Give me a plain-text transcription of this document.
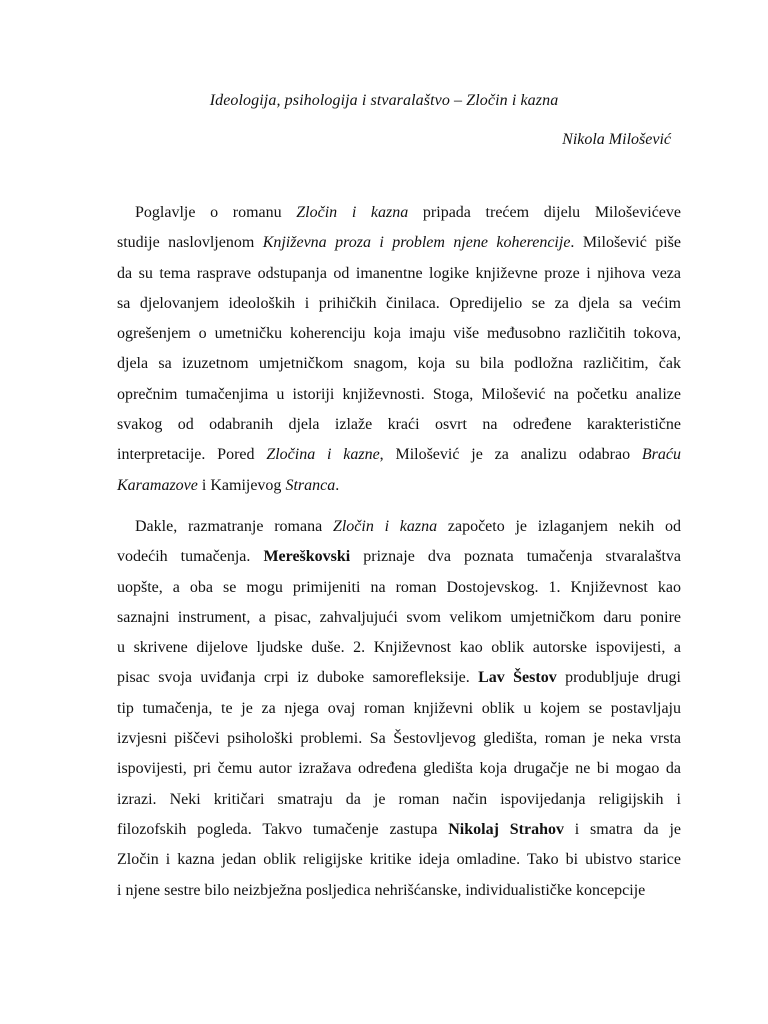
Ideologija, psihologija i stvaralaštvo – Zločin i kazna
Nikola Milošević
Poglavlje o romanu Zločin i kazna pripada trećem dijelu Miloševićeve
studije naslovljenom Književna proza i problem njene koherencije. Milošević piše
da su tema rasprave odstupanja od imanentne logike književne proze i njihova veza
sa djelovanjem ideoloških i prihičkih činilaca. Opredijelio se za djela sa većim
ogrešenjem o umetničku koherenciju koja imaju više međusobno različitih tokova,
djela sa izuzetnom umjetničkom snagom, koja su bila podložna različitim, čak
oprečnim tumačenjima u istoriji književnosti. Stoga, Milošević na početku analize
svakog od odabranih djela izlaže kraći osvrt na određene karakteristične
interpretacije. Pored Zločina i kazne, Milošević je za analizu odabrao Braću
Karamazove i Kamijevog Stranca.
Dakle, razmatranje romana Zločin i kazna započeto je izlaganjem nekih od
vodećih tumačenja. Mereškovski priznaje dva poznata tumačenja stvaralaštva
uopšte, a oba se mogu primijeniti na roman Dostojevskog. 1. Književnost kao
saznajni instrument, a pisac, zahvaljujući svom velikom umjetničkom daru ponire
u skrivene dijelove ljudske duše. 2. Književnost kao oblik autorske ispovijesti, a
pisac svoja uviđanja crpi iz duboke samorefleksije. Lav Šestov produbljuje drugi
tip tumačenja, te je za njega ovaj roman književni oblik u kojem se postavljaju
izvjesni piščevi psihološki problemi. Sa Šestovljevog gledišta, roman je neka vrsta
ispovijesti, pri čemu autor izražava određena gledišta koja drugačje ne bi mogao da
izrazi. Neki kritičari smatraju da je roman način ispovijedanja religijskih i
filozofskih pogleda. Takvo tumačenje zastupa Nikolaj Strahov i smatra da je
Zločin i kazna jedan oblik religijske kritike ideja omladine. Tako bi ubistvo starice
i njene sestre bilo neizbježna posljedica nehrišćanske, individualističke koncepcije
